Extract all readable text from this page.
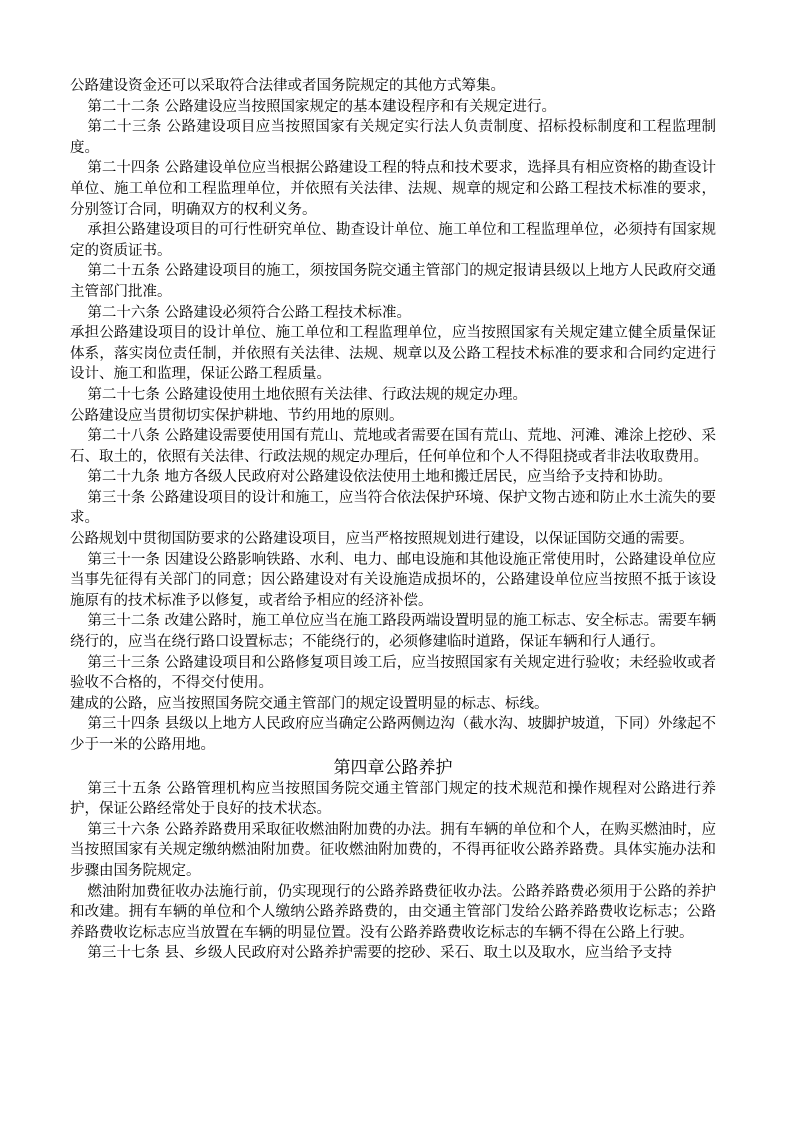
公路建设资金还可以采取符合法律或者国务院规定的其他方式筹集。

第二十二条 公路建设应当按照国家规定的基本建设程序和有关规定进行。

第二十三条 公路建设项目应当按照国家有关规定实行法人负责制度、招标投标制度和工程监理制度。

第二十四条 公路建设单位应当根据公路建设工程的特点和技术要求，选择具有相应资格的勘查设计单位、施工单位和工程监理单位，并依照有关法律、法规、规章的规定和公路工程技术标准的要求，分别签订合同，明确双方的权利义务。

承担公路建设项目的可行性研究单位、勘查设计单位、施工单位和工程监理单位，必须持有国家规定的资质证书。

第二十五条 公路建设项目的施工，须按国务院交通主管部门的规定报请县级以上地方人民政府交通主管部门批准。

第二十六条 公路建设必须符合公路工程技术标准。

承担公路建设项目的设计单位、施工单位和工程监理单位，应当按照国家有关规定建立健全质量保证体系，落实岗位责任制，并依照有关法律、法规、规章以及公路工程技术标准的要求和合同约定进行设计、施工和监理，保证公路工程质量。

第二十七条 公路建设使用土地依照有关法律、行政法规的规定办理。

公路建设应当贯彻切实保护耕地、节约用地的原则。

第二十八条 公路建设需要使用国有荒山、荒地或者需要在国有荒山、荒地、河滩、滩涂上挖砂、采石、取土的，依照有关法律、行政法规的规定办理后，任何单位和个人不得阻挠或者非法收取费用。

第二十九条 地方各级人民政府对公路建设依法使用土地和搬迁居民，应当给予支持和协助。

第三十条 公路建设项目的设计和施工，应当符合依法保护环境、保护文物古迹和防止水土流失的要求。

公路规划中贯彻国防要求的公路建设项目，应当严格按照规划进行建设，以保证国防交通的需要。

第三十一条 因建设公路影响铁路、水利、电力、邮电设施和其他设施正常使用时，公路建设单位应当事先征得有关部门的同意；因公路建设对有关设施造成损坏的，公路建设单位应当按照不抵于该设施原有的技术标准予以修复，或者给予相应的经济补偿。

第三十二条 改建公路时，施工单位应当在施工路段两端设置明显的施工标志、安全标志。需要车辆绕行的，应当在绕行路口设置标志；不能绕行的，必须修建临时道路，保证车辆和行人通行。

第三十三条 公路建设项目和公路修复项目竣工后，应当按照国家有关规定进行验收；未经验收或者验收不合格的，不得交付使用。

建成的公路，应当按照国务院交通主管部门的规定设置明显的标志、标线。

第三十四条 县级以上地方人民政府应当确定公路两侧边沟（截水沟、坡脚护坡道，下同）外缘起不少于一米的公路用地。

第四章公路养护

第三十五条 公路管理机构应当按照国务院交通主管部门规定的技术规范和操作规程对公路进行养护，保证公路经常处于良好的技术状态。

第三十六条 公路养路费用采取征收燃油附加费的办法。拥有车辆的单位和个人，在购买燃油时，应当按照国家有关规定缴纳燃油附加费。征收燃油附加费的，不得再征收公路养路费。具体实施办法和步骤由国务院规定。

燃油附加费征收办法施行前，仍实现现行的公路养路费征收办法。公路养路费必须用于公路的养护和改建。拥有车辆的单位和个人缴纳公路养路费的，由交通主管部门发给公路养路费收讫标志；公路养路费收讫标志应当放置在车辆的明显位置。没有公路养路费收讫标志的车辆不得在公路上行驶。

第三十七条 县、乡级人民政府对公路养护需要的挖砂、采石、取土以及取水，应当给予支持
